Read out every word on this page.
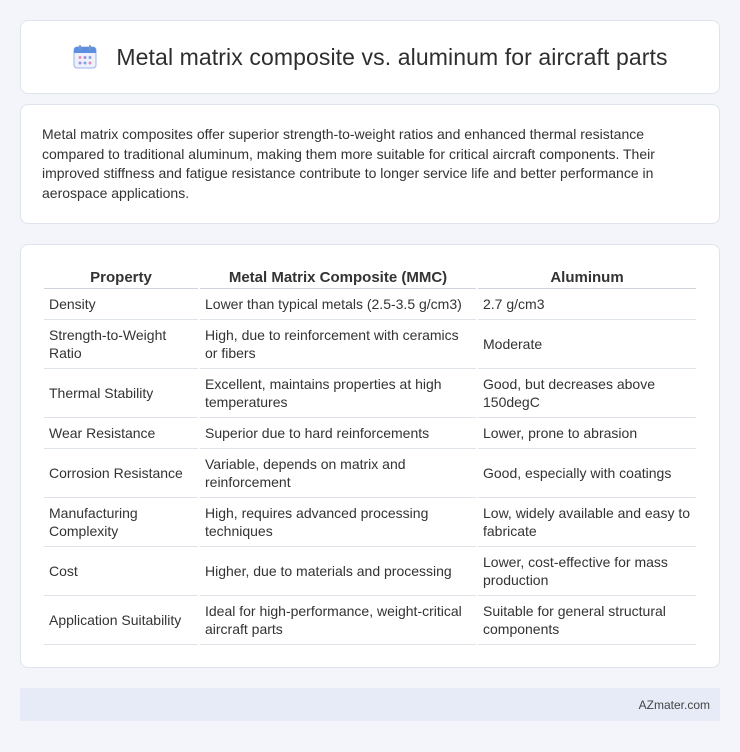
Metal matrix composite vs. aluminum for aircraft parts

Metal matrix composites offer superior strength-to-weight ratios and enhanced thermal resistance compared to traditional aluminum, making them more suitable for critical aircraft components. Their improved stiffness and fatigue resistance contribute to longer service life and better performance in aerospace applications.

Property	Metal Matrix Composite (MMC)	Aluminum
Density	Lower than typical metals (2.5-3.5 g/cm3)	2.7 g/cm3
Strength-to-Weight Ratio	High, due to reinforcement with ceramics or fibers	Moderate
Thermal Stability	Excellent, maintains properties at high temperatures	Good, but decreases above 150degC
Wear Resistance	Superior due to hard reinforcements	Lower, prone to abrasion
Corrosion Resistance	Variable, depends on matrix and reinforcement	Good, especially with coatings
Manufacturing Complexity	High, requires advanced processing techniques	Low, widely available and easy to fabricate
Cost	Higher, due to materials and processing	Lower, cost-effective for mass production
Application Suitability	Ideal for high-performance, weight-critical aircraft parts	Suitable for general structural components
AZmater.com
